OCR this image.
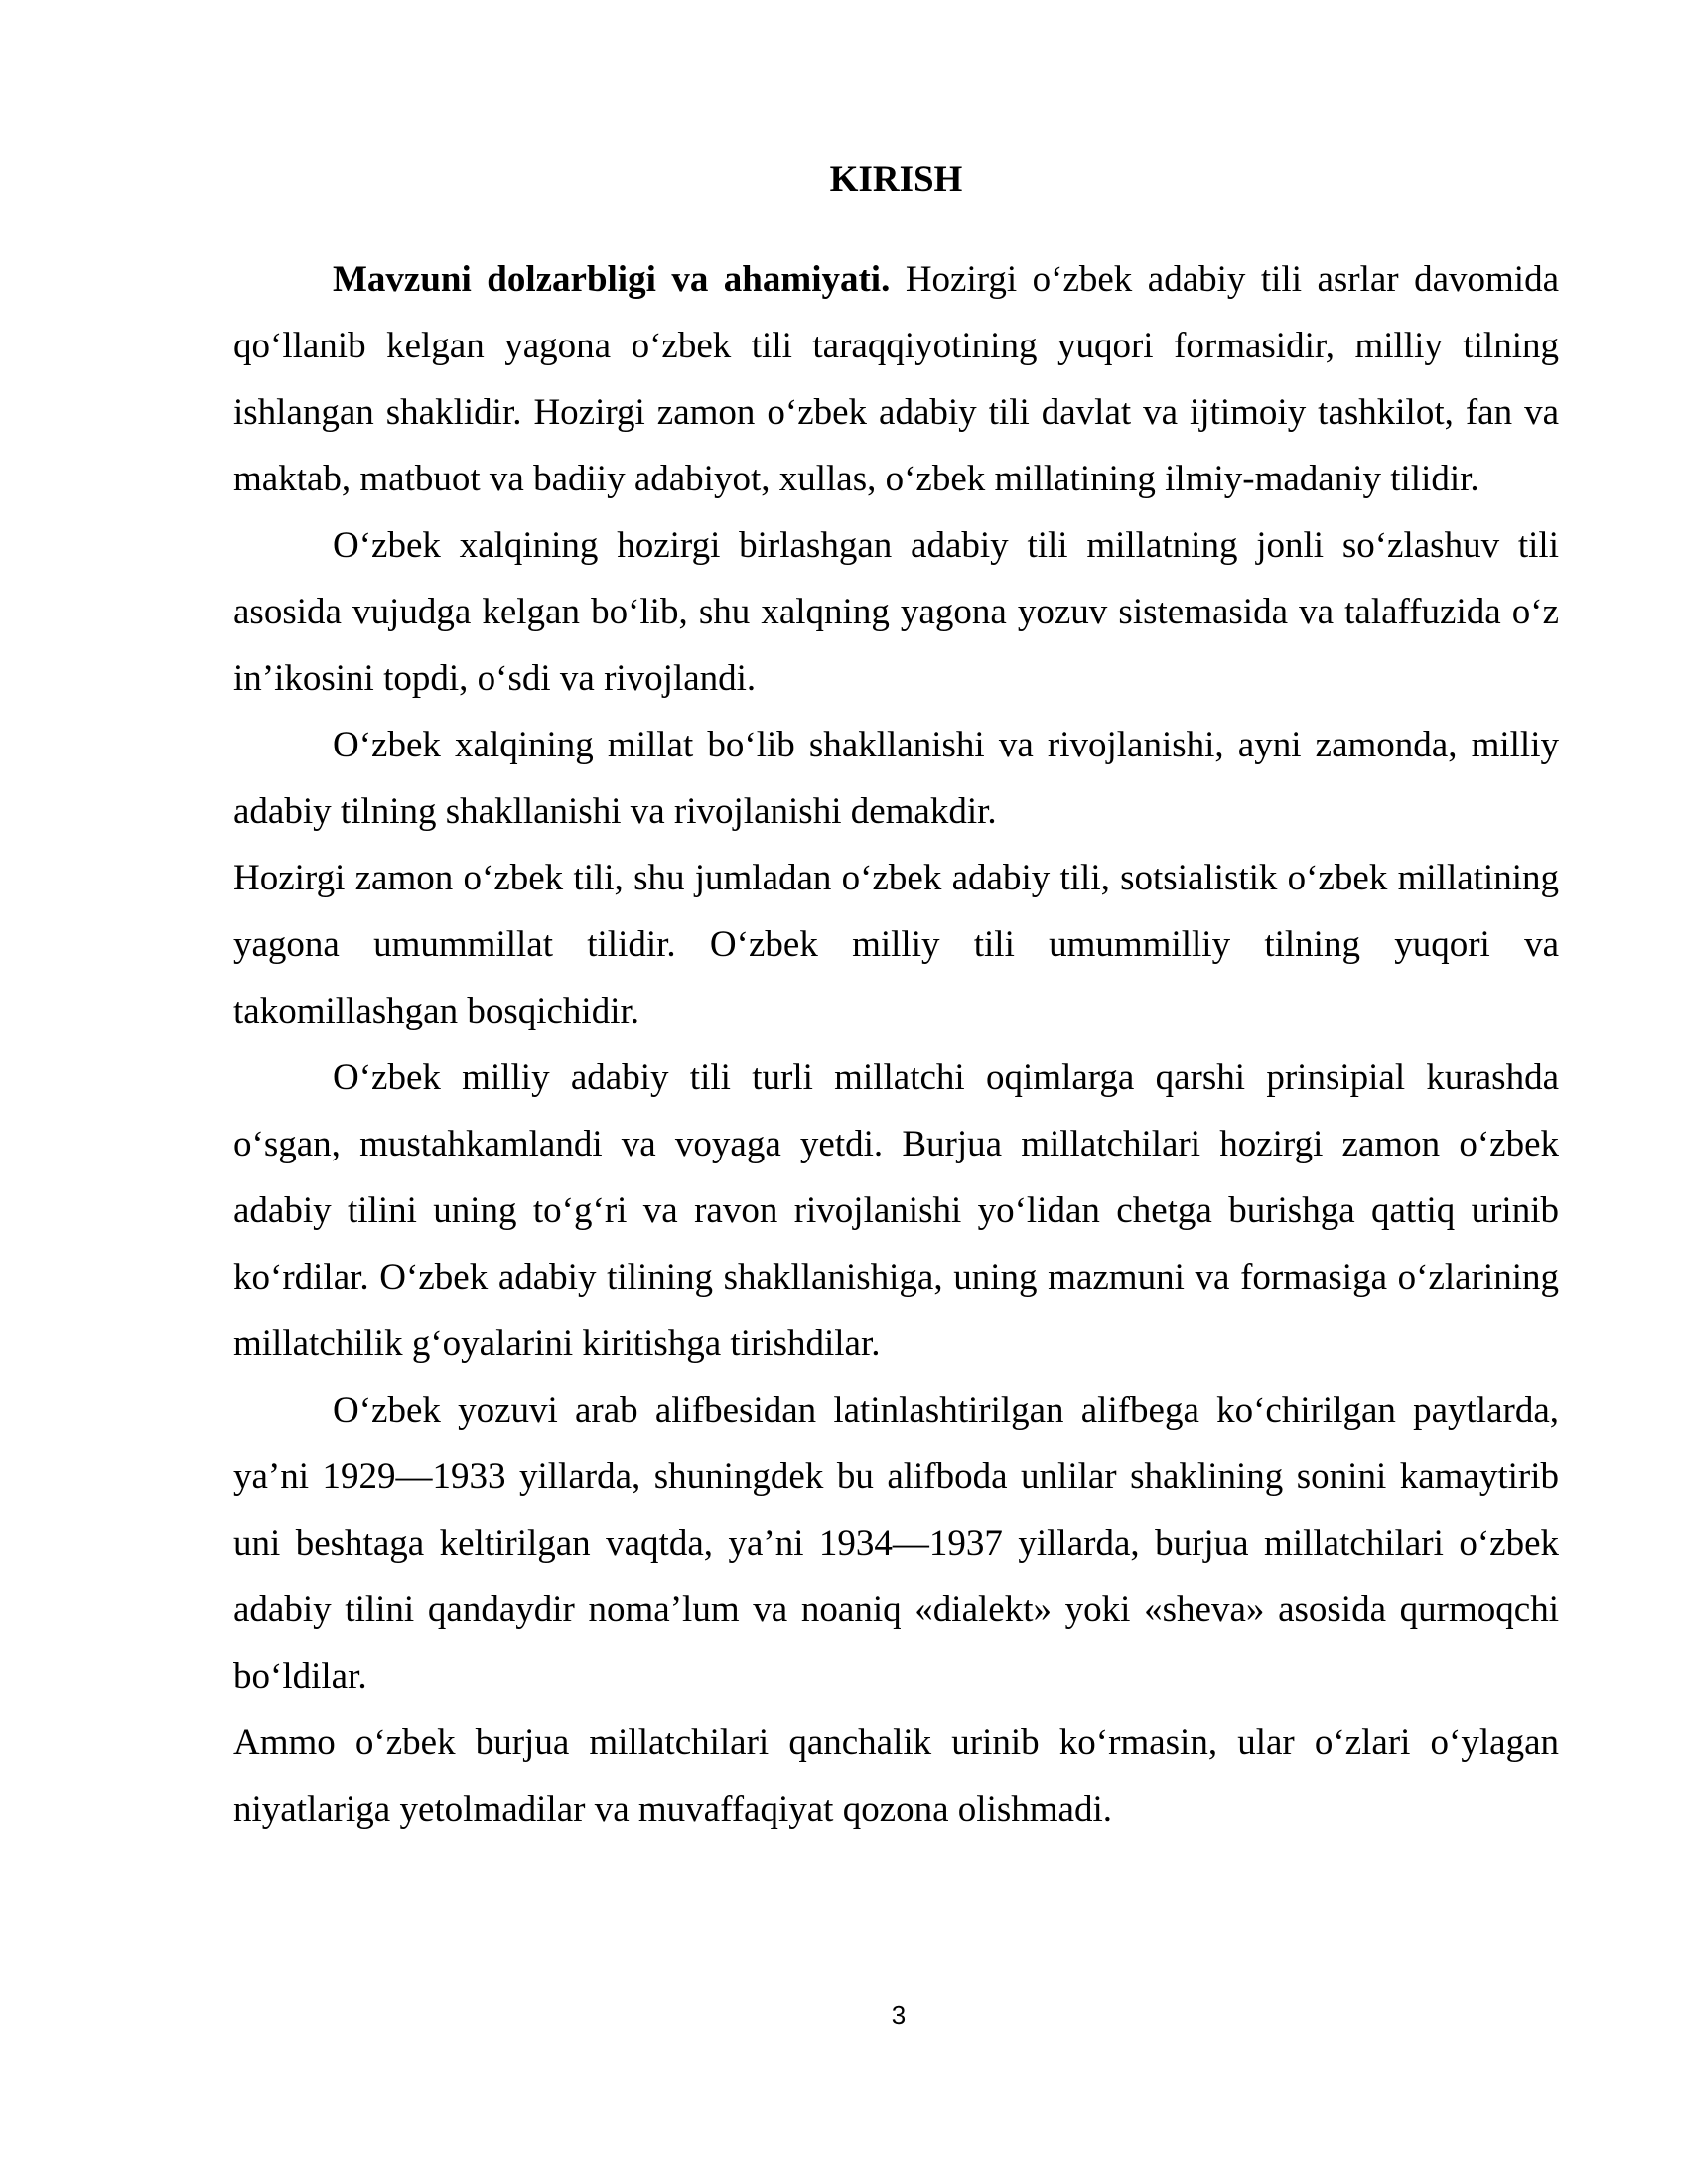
KIRISH

Mavzuni dolzarbligi va ahamiyati. Hozirgi o‘zbek adabiy tili asrlar davomida qo‘llanib kelgan yagona o‘zbek tili taraqqiyotining yuqori formasidir, milliy tilning ishlangan shaklidir. Hozirgi zamon o‘zbek adabiy tili davlat va ijtimoiy tashkilot, fan va maktab, matbuot va badiiy adabiyot, xullas, o‘zbek millatining ilmiy-madaniy tilidir.

O‘zbek xalqining hozirgi birlashgan adabiy tili millatning jonli so‘zlashuv tili asosida vujudga kelgan bo‘lib, shu xalqning yagona yozuv sistemasida va talaffuzida o‘z in’ikosini topdi, o‘sdi va rivojlandi.

O‘zbek xalqining millat bo‘lib shakllanishi va rivojlanishi, ayni zamonda, milliy adabiy tilning shakllanishi va rivojlanishi demakdir.

Hozirgi zamon o‘zbek tili, shu jumladan o‘zbek adabiy tili, sotsialistik o‘zbek millatining yagona umummillat tilidir. O‘zbek milliy tili umummilliy tilning yuqori va takomillashgan bosqichidir.

O‘zbek milliy adabiy tili turli millatchi oqimlarga qarshi prinsipial kurashda o‘sgan, mustahkamlandi va voyaga yetdi. Burjua millatchilari hozirgi zamon o‘zbek adabiy tilini uning to‘g‘ri va ravon rivojlanishi yo‘lidan chetga burishga qattiq urinib ko‘rdilar. O‘zbek adabiy tilining shakllanishiga, uning mazmuni va formasiga o‘zlarining millatchilik g‘oyalarini kiritishga tirishdilar.

O‘zbek yozuvi arab alifbesidan latinlashtirilgan alifbega ko‘chirilgan paytlarda, ya’ni 1929—1933 yillarda, shuningdek bu alifboda unlilar shaklining sonini kamaytirib uni beshtaga keltirilgan vaqtda, ya’ni 1934—1937 yillarda, burjua millatchilari o‘zbek adabiy tilini qandaydir noma’lum va noaniq «dialekt» yoki «sheva» asosida qurmoqchi bo‘ldilar.

Ammo o‘zbek burjua millatchilari qanchalik urinib ko‘rmasin, ular o‘zlari o‘ylagan niyatlariga yetolmadilar va muvaffaqiyat qozona olishmadi.

3
